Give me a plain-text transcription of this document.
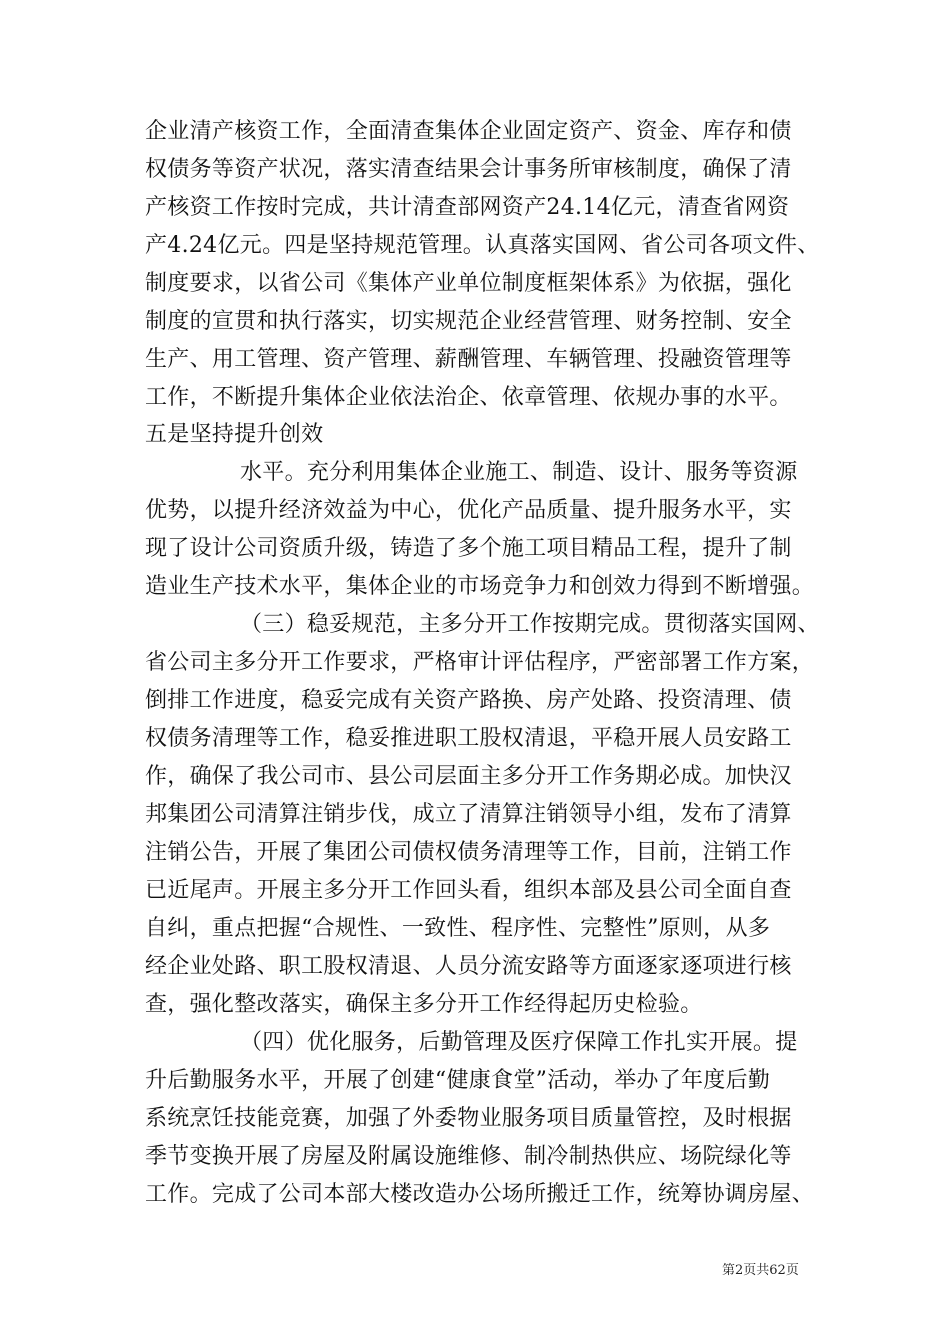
企业清产核资工作，全面清查集体企业固定资产、资金、库存和债
权债务等资产状况，落实清查结果会计事务所审核制度，确保了清
产核资工作按时完成，共计清查部网资产24.14亿元，清查省网资
产4.24亿元。四是坚持规范管理。认真落实国网、省公司各项文件、
制度要求，以省公司《集体产业单位制度框架体系》为依据，强化
制度的宣贯和执行落实，切实规范企业经营管理、财务控制、安全
生产、用工管理、资产管理、薪酬管理、车辆管理、投融资管理等
工作，不断提升集体企业依法治企、依章管理、依规办事的水平。
五是坚持提升创效
水平。充分利用集体企业施工、制造、设计、服务等资源
优势，以提升经济效益为中心，优化产品质量、提升服务水平，实
现了设计公司资质升级，铸造了多个施工项目精品工程，提升了制
造业生产技术水平，集体企业的市场竞争力和创效力得到不断增强。
（三）稳妥规范，主多分开工作按期完成。贯彻落实国网、
省公司主多分开工作要求，严格审计评估程序，严密部署工作方案，
倒排工作进度，稳妥完成有关资产路换、房产处路、投资清理、债
权债务清理等工作，稳妥推进职工股权清退，平稳开展人员安路工
作，确保了我公司市、县公司层面主多分开工作务期必成。加快汉
邦集团公司清算注销步伐，成立了清算注销领导小组，发布了清算
注销公告，开展了集团公司债权债务清理等工作，目前，注销工作
已近尾声。开展主多分开工作回头看，组织本部及县公司全面自查
自纠，重点把握“合规性、一致性、程序性、完整性”原则，从多
经企业处路、职工股权清退、人员分流安路等方面逐家逐项进行核
查，强化整改落实，确保主多分开工作经得起历史检验。
（四）优化服务，后勤管理及医疗保障工作扎实开展。提
升后勤服务水平，开展了创建“健康食堂”活动，举办了年度后勤
系统烹饪技能竞赛，加强了外委物业服务项目质量管控，及时根据
季节变换开展了房屋及附属设施维修、制冷制热供应、场院绿化等
工作。完成了公司本部大楼改造办公场所搬迁工作，统筹协调房屋、
第2页共62页
